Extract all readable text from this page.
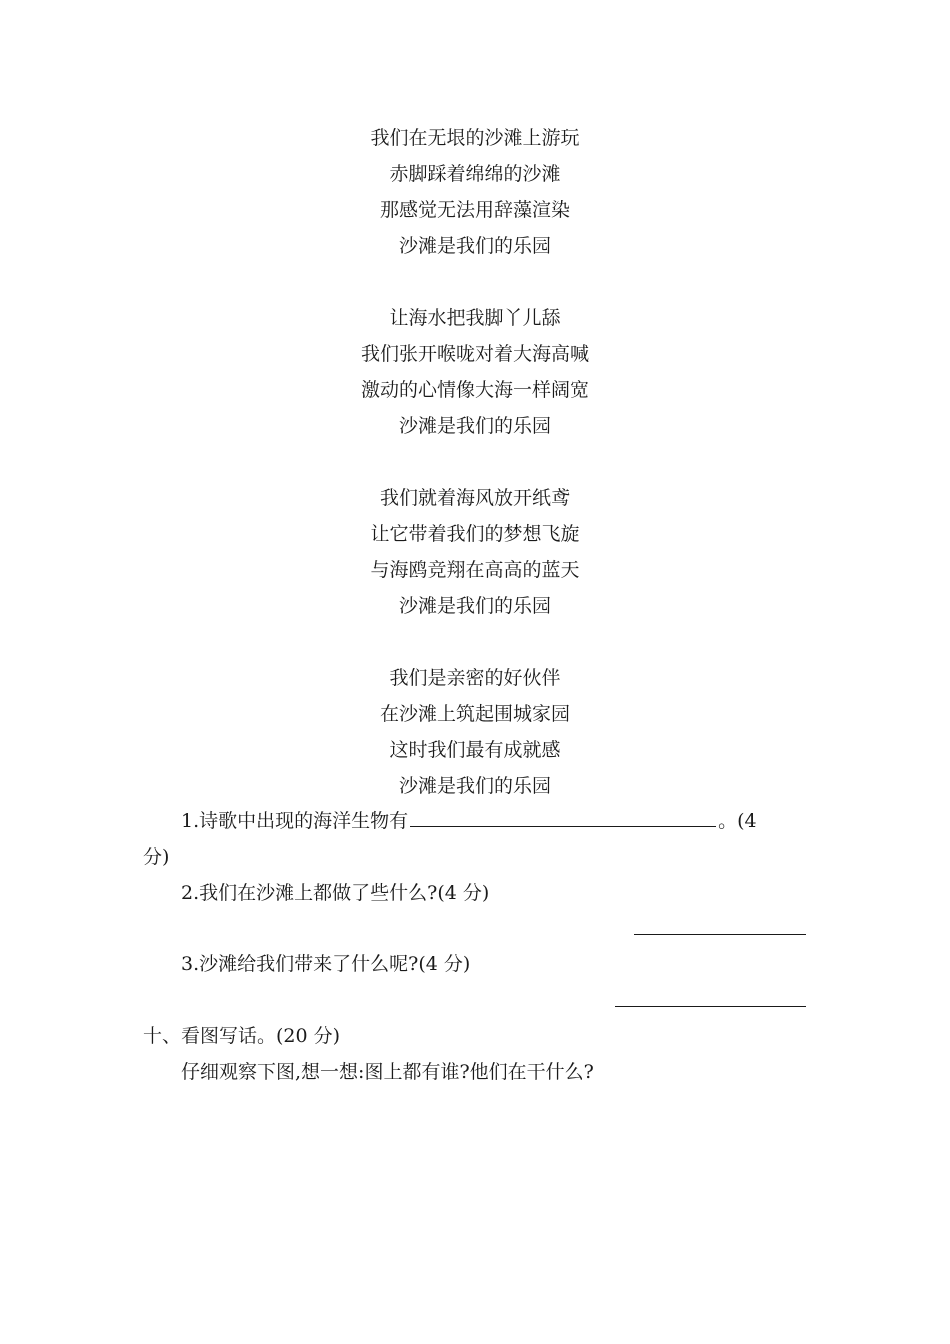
我们在无垠的沙滩上游玩
赤脚踩着绵绵的沙滩
那感觉无法用辞藻渲染
沙滩是我们的乐园
让海水把我脚丫儿舔
我们张开喉咙对着大海高喊
激动的心情像大海一样阔宽
沙滩是我们的乐园
我们就着海风放开纸鸢
让它带着我们的梦想飞旋
与海鸥竞翔在高高的蓝天
沙滩是我们的乐园
我们是亲密的好伙伴
在沙滩上筑起围城家园
这时我们最有成就感
沙滩是我们的乐园
1.诗歌中出现的海洋生物有	。(4
分)
2.我们在沙滩上都做了些什么?(4 分)
3.沙滩给我们带来了什么呢?(4 分)
十、看图写话。(20 分)
仔细观察下图,想一想:图上都有谁?他们在干什么?
